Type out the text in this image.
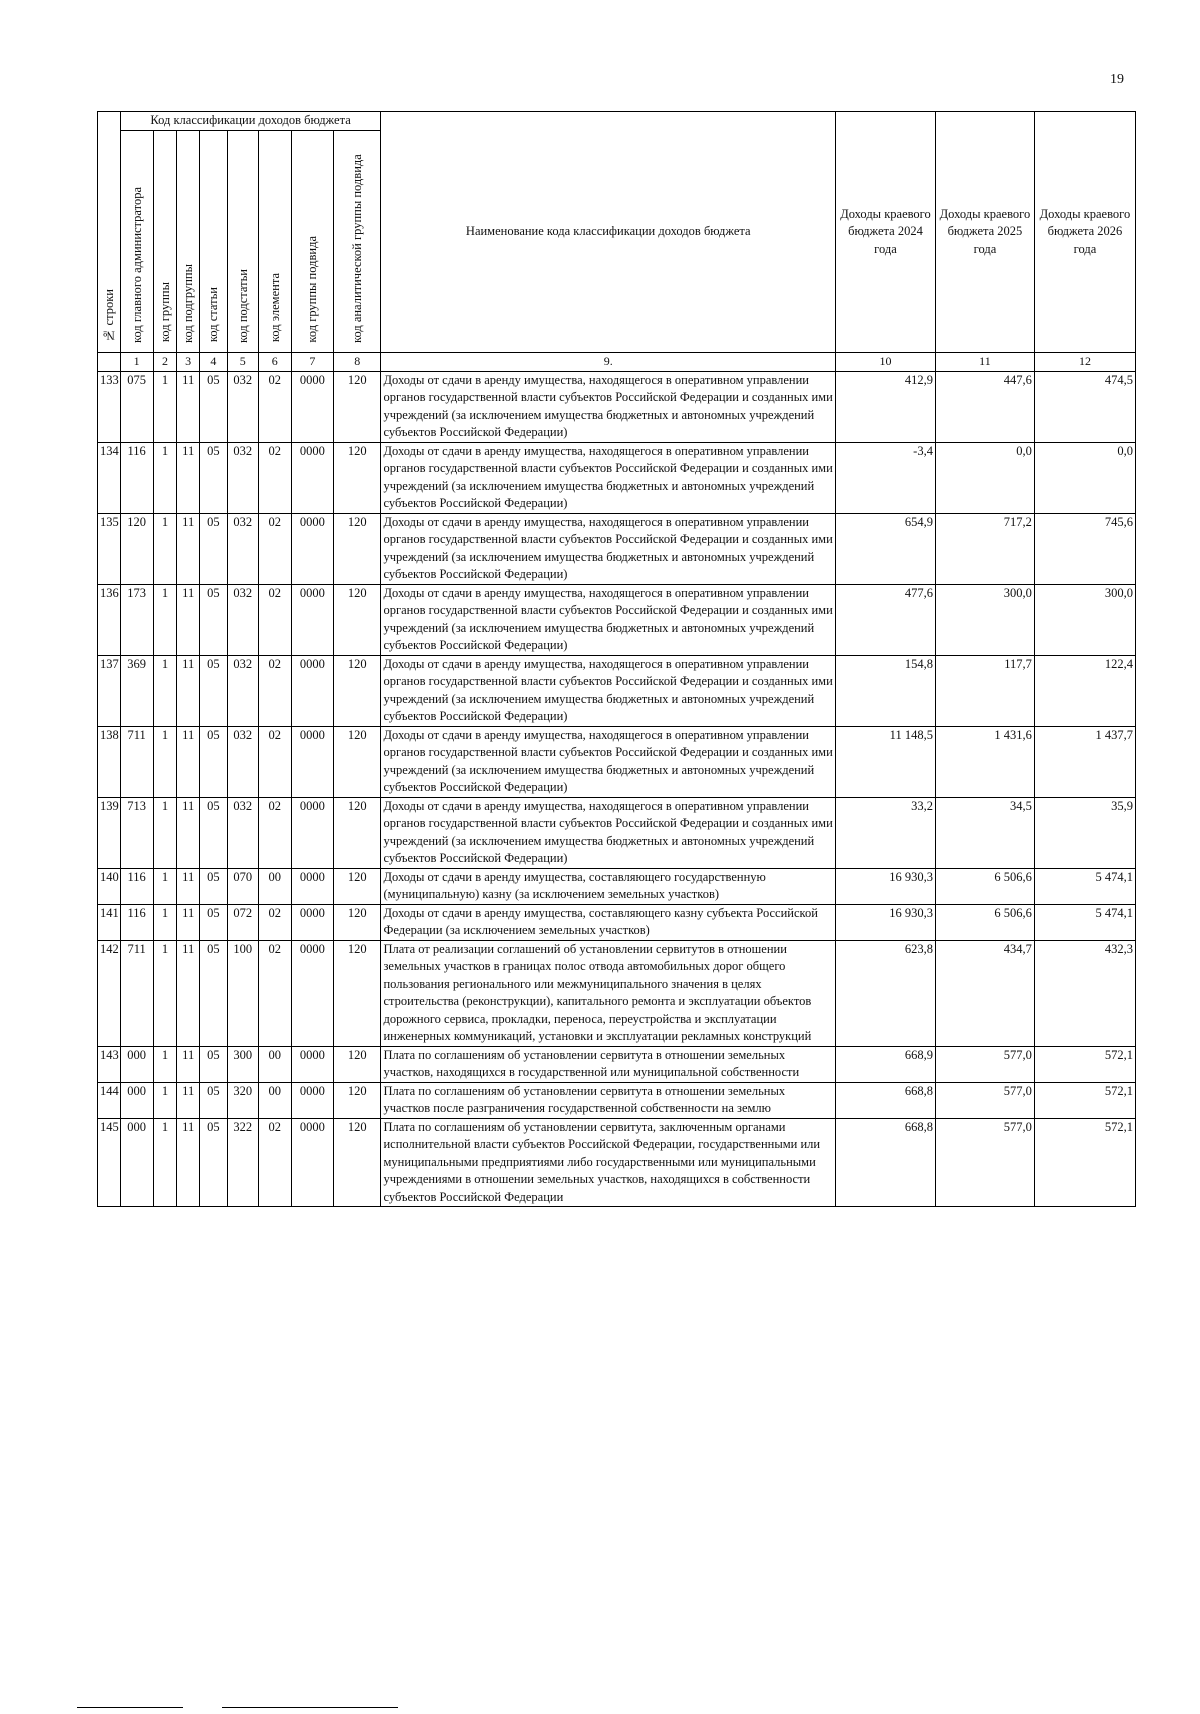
19
№ строки	Код классификации доходов бюджета								Наименование кода классификации доходов бюджета	Доходы краевого бюджета 2024 года	Доходы краевого бюджета 2025 года	Доходы краевого бюджета 2026 года
	код главного администратора	код группы	код подгруппы	код статьи	код подстатьи	код элемента	код группы подвида	код аналитической группы подвида				
	1	2	3	4	5	6	7	8	9.	10	11	12
133	075	1	11	05	032	02	0000	120	Доходы от сдачи в аренду имущества, находящегося в оперативном управлении органов государственной власти субъектов Российской Федерации и созданных ими учреждений (за исключением имущества бюджетных и автономных учреждений субъектов Российской Федерации)	412,9	447,6	474,5
134	116	1	11	05	032	02	0000	120	Доходы от сдачи в аренду имущества, находящегося в оперативном управлении органов государственной власти субъектов Российской Федерации и созданных ими учреждений (за исключением имущества бюджетных и автономных учреждений субъектов Российской Федерации)	-3,4	0,0	0,0
135	120	1	11	05	032	02	0000	120	Доходы от сдачи в аренду имущества, находящегося в оперативном управлении органов государственной власти субъектов Российской Федерации и созданных ими учреждений (за исключением имущества бюджетных и автономных учреждений субъектов Российской Федерации)	654,9	717,2	745,6
136	173	1	11	05	032	02	0000	120	Доходы от сдачи в аренду имущества, находящегося в оперативном управлении органов государственной власти субъектов Российской Федерации и созданных ими учреждений (за исключением имущества бюджетных и автономных учреждений субъектов Российской Федерации)	477,6	300,0	300,0
137	369	1	11	05	032	02	0000	120	Доходы от сдачи в аренду имущества, находящегося в оперативном управлении органов государственной власти субъектов Российской Федерации и созданных ими учреждений (за исключением имущества бюджетных и автономных учреждений субъектов Российской Федерации)	154,8	117,7	122,4
138	711	1	11	05	032	02	0000	120	Доходы от сдачи в аренду имущества, находящегося в оперативном управлении органов государственной власти субъектов Российской Федерации и созданных ими учреждений (за исключением имущества бюджетных и автономных учреждений субъектов Российской Федерации)	11 148,5	1 431,6	1 437,7
139	713	1	11	05	032	02	0000	120	Доходы от сдачи в аренду имущества, находящегося в оперативном управлении органов государственной власти субъектов Российской Федерации и созданных ими учреждений (за исключением имущества бюджетных и автономных учреждений субъектов Российской Федерации)	33,2	34,5	35,9
140	116	1	11	05	070	00	0000	120	Доходы от сдачи в аренду имущества, составляющего государственную (муниципальную) казну (за исключением земельных участков)	16 930,3	6 506,6	5 474,1
141	116	1	11	05	072	02	0000	120	Доходы от сдачи в аренду имущества, составляющего казну субъекта Российской Федерации (за исключением земельных участков)	16 930,3	6 506,6	5 474,1
142	711	1	11	05	100	02	0000	120	Плата от реализации соглашений об установлении сервитутов в отношении земельных участков в границах полос отвода автомобильных дорог общего пользования регионального или межмуниципального значения в целях строительства (реконструкции), капитального ремонта и эксплуатации объектов дорожного сервиса, прокладки, переноса, переустройства и эксплуатации инженерных коммуникаций, установки и эксплуатации рекламных конструкций	623,8	434,7	432,3
143	000	1	11	05	300	00	0000	120	Плата по соглашениям об установлении сервитута в отношении земельных участков, находящихся в государственной или муниципальной собственности	668,9	577,0	572,1
144	000	1	11	05	320	00	0000	120	Плата по соглашениям об установлении сервитута в отношении земельных участков после разграничения государственной собственности на землю	668,8	577,0	572,1
145	000	1	11	05	322	02	0000	120	Плата по соглашениям об установлении сервитута, заключенным органами исполнительной власти субъектов Российской Федерации, государственными или муниципальными предприятиями либо государственными или муниципальными учреждениями в отношении земельных участков, находящихся в собственности субъектов Российской Федерации	668,8	577,0	572,1
